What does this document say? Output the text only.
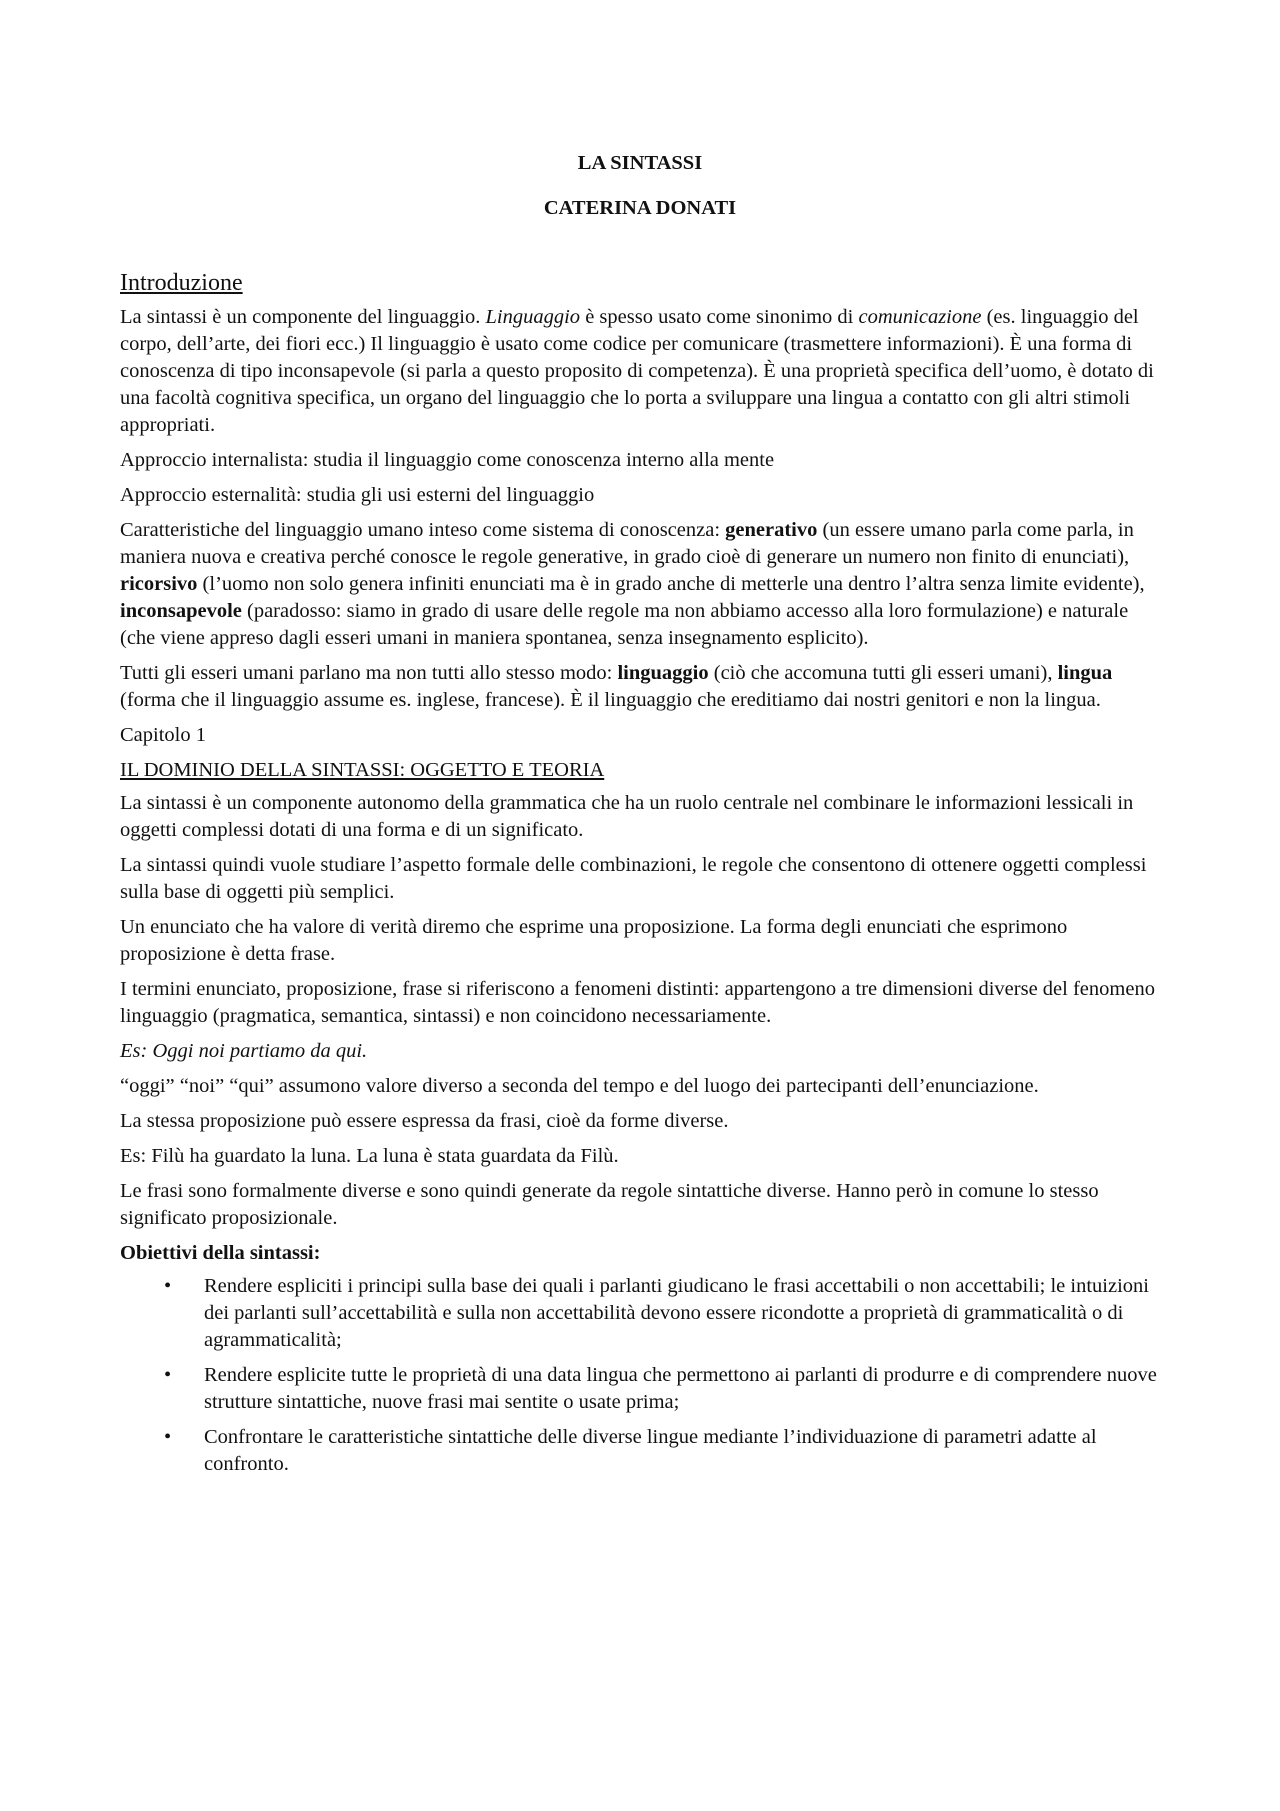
LA SINTASSI

CATERINA DONATI

Introduzione

La sintassi è un componente del linguaggio. Linguaggio è spesso usato come sinonimo di comunicazione (es. linguaggio del corpo, dell’arte, dei fiori ecc.) Il linguaggio è usato come codice per comunicare (trasmettere informazioni). È una forma di conoscenza di tipo inconsapevole (si parla a questo proposito di competenza). È una proprietà specifica dell’uomo, è dotato di una facoltà cognitiva specifica, un organo del linguaggio che lo porta a sviluppare una lingua a contatto con gli altri stimoli appropriati.

Approccio internalista: studia il linguaggio come conoscenza interno alla mente

Approccio esternalità: studia gli usi esterni del linguaggio

Caratteristiche del linguaggio umano inteso come sistema di conoscenza: generativo (un essere umano parla come parla, in maniera nuova e creativa perché conosce le regole generative, in grado cioè di generare un numero non finito di enunciati), ricorsivo (l’uomo non solo genera infiniti enunciati ma è in grado anche di metterle una dentro l’altra senza limite evidente), inconsapevole (paradosso: siamo in grado di usare delle regole ma non abbiamo accesso alla loro formulazione) e naturale (che viene appreso dagli esseri umani in maniera spontanea, senza insegnamento esplicito).

Tutti gli esseri umani parlano ma non tutti allo stesso modo: linguaggio (ciò che accomuna tutti gli esseri umani), lingua (forma che il linguaggio assume es. inglese, francese). È il linguaggio che ereditiamo dai nostri genitori e non la lingua.

Capitolo 1

IL DOMINIO DELLA SINTASSI: OGGETTO E TEORIA

La sintassi è un componente autonomo della grammatica che ha un ruolo centrale nel combinare le informazioni lessicali in oggetti complessi dotati di una forma e di un significato.

La sintassi quindi vuole studiare l’aspetto formale delle combinazioni, le regole che consentono di ottenere oggetti complessi sulla base di oggetti più semplici.

Un enunciato che ha valore di verità diremo che esprime una proposizione. La forma degli enunciati che esprimono proposizione è detta frase.

I termini enunciato, proposizione, frase si riferiscono a fenomeni distinti: appartengono a tre dimensioni diverse del fenomeno linguaggio (pragmatica, semantica, sintassi) e non coincidono necessariamente.

Es: Oggi noi partiamo da qui.

“oggi” “noi” “qui” assumono valore diverso a seconda del tempo e del luogo dei partecipanti dell’enunciazione.

La stessa proposizione può essere espressa da frasi, cioè da forme diverse.

Es: Filù ha guardato la luna. La luna è stata guardata da Filù.

Le frasi sono formalmente diverse e sono quindi generate da regole sintattiche diverse. Hanno però in comune lo stesso significato proposizionale.

Obiettivi della sintassi:

• Rendere espliciti i principi sulla base dei quali i parlanti giudicano le frasi accettabili o non accettabili; le intuizioni dei parlanti sull’accettabilità e sulla non accettabilità devono essere ricondotte a proprietà di grammaticalità o di agrammaticalità;
• Rendere esplicite tutte le proprietà di una data lingua che permettono ai parlanti di produrre e di comprendere nuove strutture sintattiche, nuove frasi mai sentite o usate prima;
• Confrontare le caratteristiche sintattiche delle diverse lingue mediante l’individuazione di parametri adatte al confronto.
